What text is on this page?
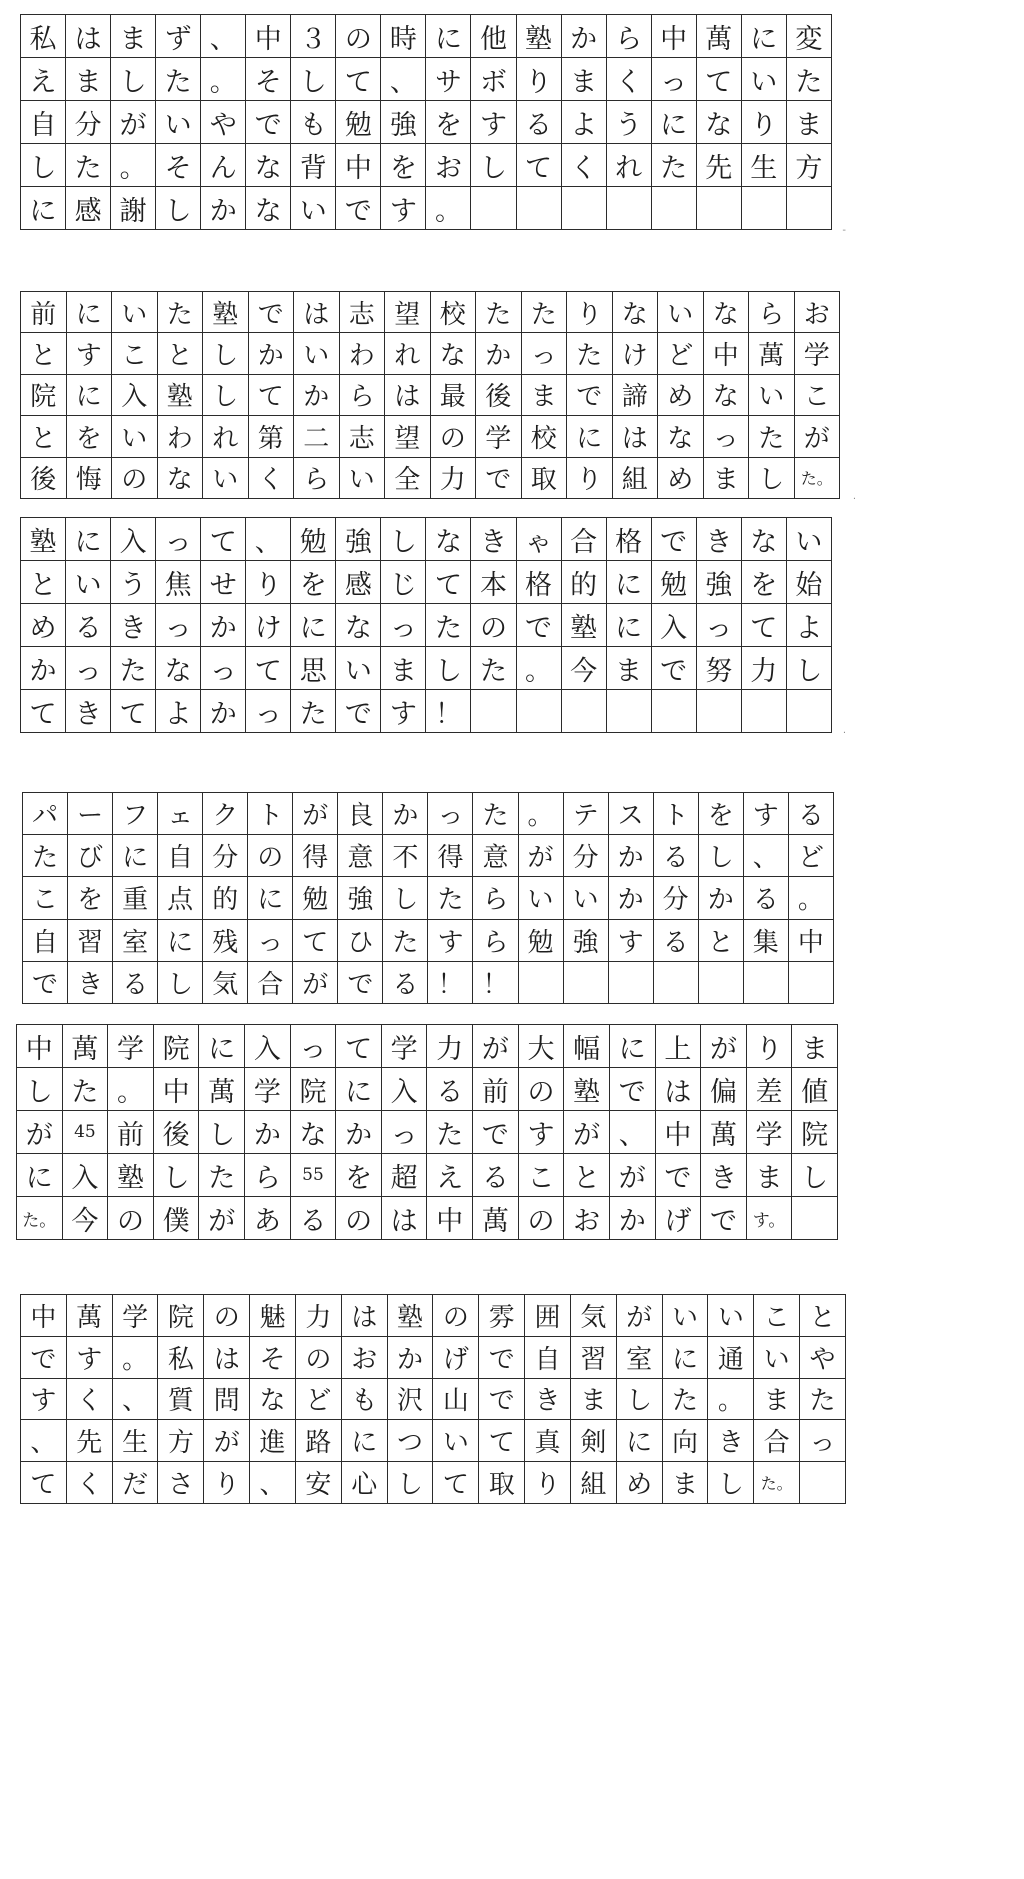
私	は	ま	ず	、	中	３	の	時	に	他	塾	か	ら	中	萬	に	変
え	ま	し	た	。	そ	し	て	、	サ	ボ	り	ま	く	っ	て	い	た
自	分	が	い	や	で	も	勉	強	を	す	る	よ	う	に	な	り	ま
し	た	。	そ	ん	な	背	中	を	お	し	て	く	れ	た	先	生	方
に	感	謝	し	か	な	い	で	す	。								
-
前	に	い	た	塾	で	は	志	望	校	た	た	り	な	い	な	ら	お
と	す	こ	と	し	か	い	わ	れ	な	か	っ	た	け	ど	中	萬	学
院	に	入	塾	し	て	か	ら	は	最	後	ま	で	諦	め	な	い	こ
と	を	い	わ	れ	第	二	志	望	の	学	校	に	は	な	っ	た	が
後	悔	の	な	い	く	ら	い	全	力	で	取	り	組	め	ま	し	た。
·
塾	に	入	っ	て	、	勉	強	し	な	き	ゃ	合	格	で	き	な	い
と	い	う	焦	せ	り	を	感	じ	て	本	格	的	に	勉	強	を	始
め	る	き	っ	か	け	に	な	っ	た	の	で	塾	に	入	っ	て	よ
か	っ	た	な	っ	て	思	い	ま	し	た	。	今	ま	で	努	力	し
て	き	て	よ	か	っ	た	で	す	！								
·
パ	ー	フ	ェ	ク	ト	が	良	か	っ	た	。	テ	ス	ト	を	す	る
た	び	に	自	分	の	得	意	不	得	意	が	分	か	る	し	、	ど
こ	を	重	点	的	に	勉	強	し	た	ら	い	い	か	分	か	る	。
自	習	室	に	残	っ	て	ひ	た	す	ら	勉	強	す	る	と	集	中
で	き	る	し	気	合	が	で	る	！	！							
中	萬	学	院	に	入	っ	て	学	力	が	大	幅	に	上	が	り	ま
し	た	。	中	萬	学	院	に	入	る	前	の	塾	で	は	偏	差	値
が	45	前	後	し	か	な	か	っ	た	で	す	が	、	中	萬	学	院
に	入	塾	し	た	ら	55	を	超	え	る	こ	と	が	で	き	ま	し
た。	今	の	僕	が	あ	る	の	は	中	萬	の	お	か	げ	で	す。	
中	萬	学	院	の	魅	力	は	塾	の	雰	囲	気	が	い	い	こ	と
で	す	。	私	は	そ	の	お	か	げ	で	自	習	室	に	通	い	や
す	く	、	質	問	な	ど	も	沢	山	で	き	ま	し	た	。	ま	た
、	先	生	方	が	進	路	に	つ	い	て	真	剣	に	向	き	合	っ
て	く	だ	さ	り	、	安	心	し	て	取	り	組	め	ま	し	た。	
